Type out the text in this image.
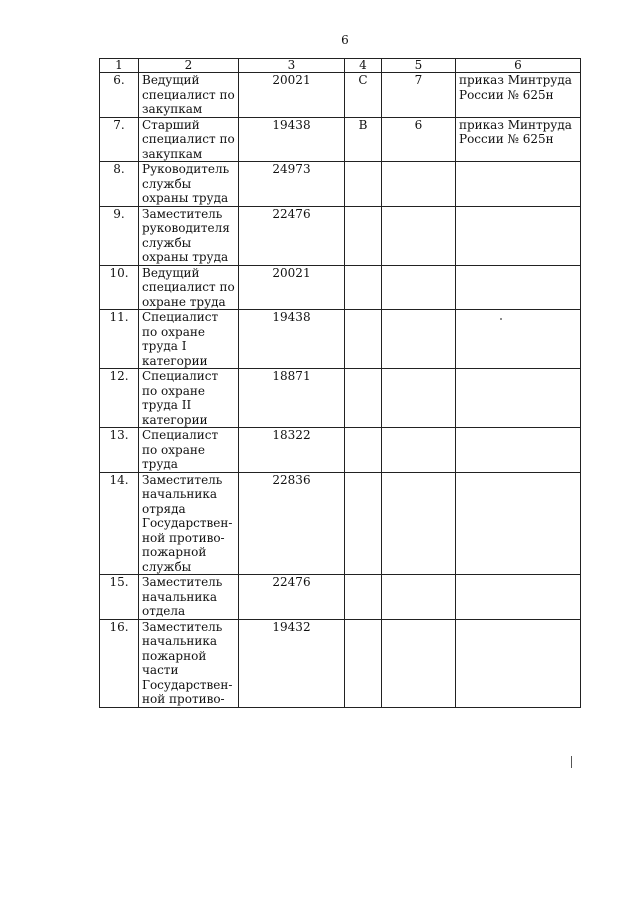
6
1	2	3	4	5	6
6.	Ведущий специалист по закупкам	20021	С	7	приказ Минтруда России № 625н
7.	Старший специалист по закупкам	19438	В	6	приказ Минтруда России № 625н
8.	Руководитель службы охраны труда	24973			
9.	Заместитель руководителя службы охраны труда	22476			
10.	Ведущий специалист по охране труда	20021			
11.	Специалист по охране труда I категории	19438			
12.	Специалист по охране труда II категории	18871			
13.	Специалист по охране труда	18322			
14.	Заместитель начальника отряда Государствен-ной противо-пожарной службы	22836			
15.	Заместитель начальника отдела	22476			
16.	Заместитель начальника пожарной части Государствен-ной противо-	19432			
